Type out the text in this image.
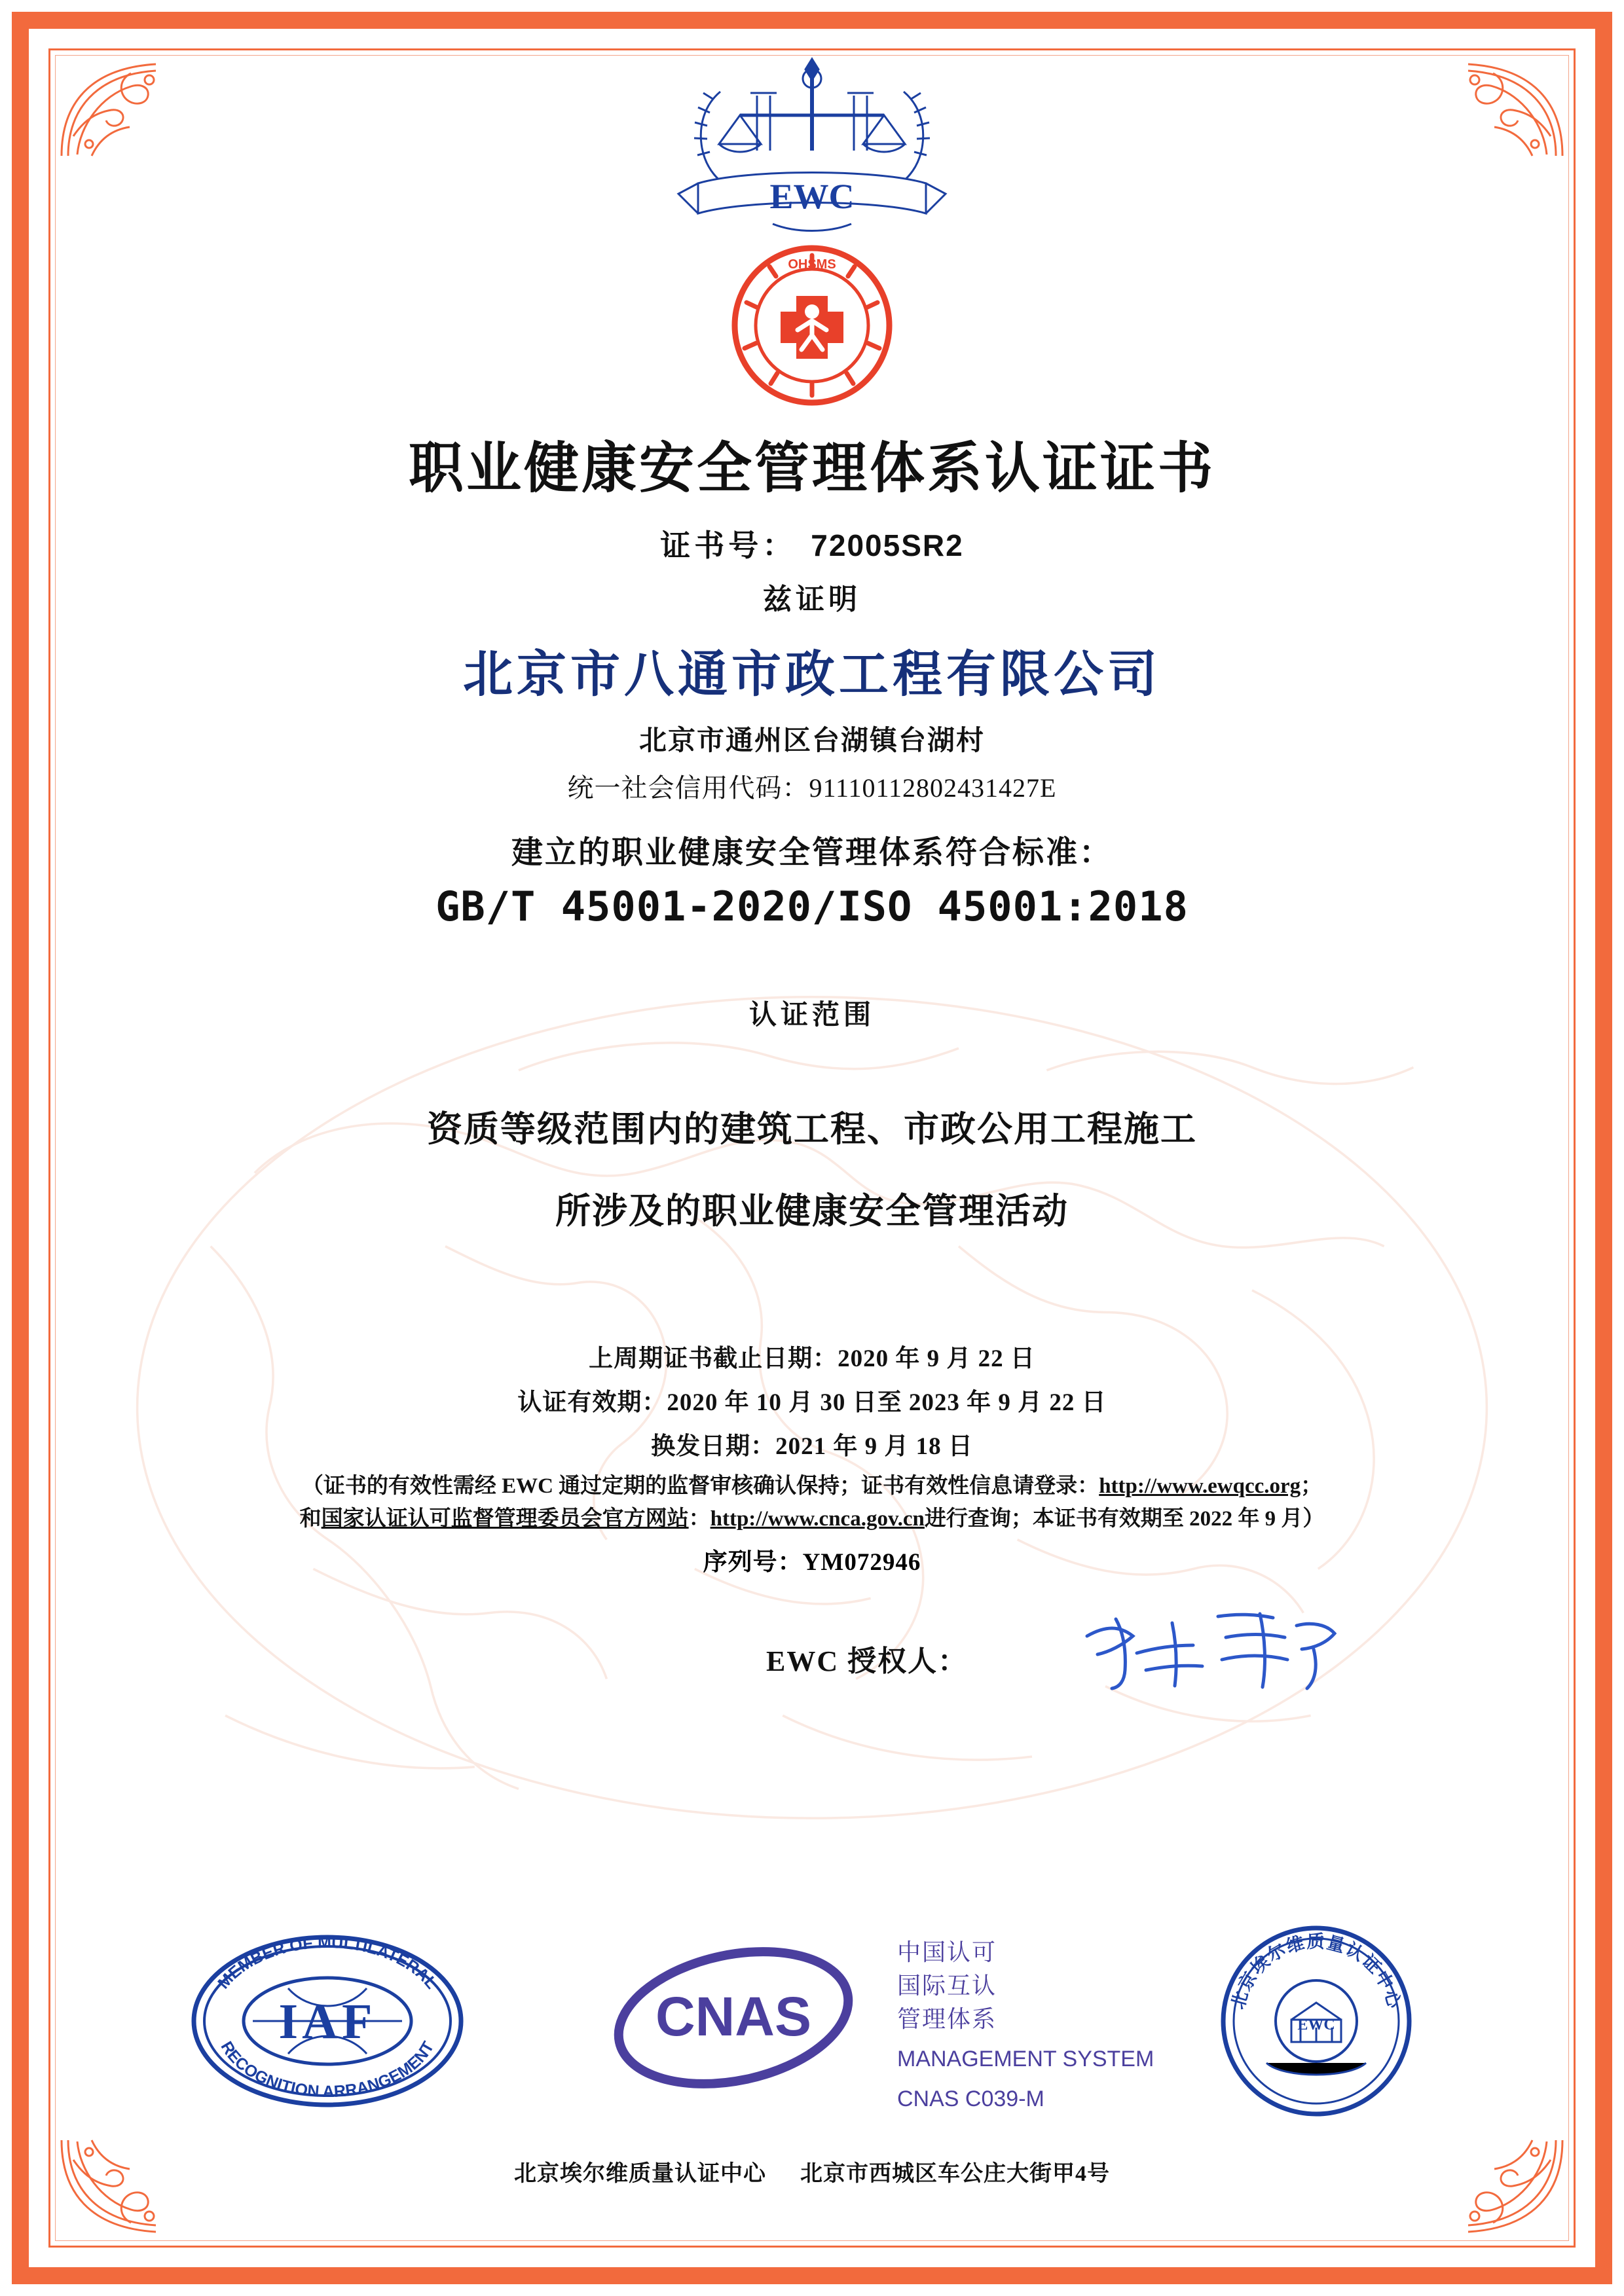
EWC
OHSMS
职业健康安全管理体系认证证书
证书号： 72005SR2
兹证明
北京市八通市政工程有限公司
北京市通州区台湖镇台湖村
统一社会信用代码：91110112802431427E
建立的职业健康安全管理体系符合标准：
GB/T 45001-2020/ISO 45001:2018
认证范围
资质等级范围内的建筑工程、市政公用工程施工
所涉及的职业健康安全管理活动
上周期证书截止日期：2020 年 9 月 22 日
认证有效期：2020 年 10 月 30 日至 2023 年 9 月 22 日
换发日期：2021 年 9 月 18 日
（证书的有效性需经 EWC 通过定期的监督审核确认保持；证书有效性信息请登录：http://www.ewqcc.org；
和国家认证认可监督管理委员会官方网站：http://www.cnca.gov.cn进行查询；本证书有效期至 2022 年 9 月）
序列号：YM072946
EWC 授权人：
IAF
MEMBER OF MULTILATERAL
RECOGNITION ARRANGEMENT
CNAS
中国认可
国际互认
管理体系
MANAGEMENT SYSTEM
CNAS C039-M
EWC
北京埃尔维质量认证中心
北京埃尔维质量认证中心 北京市西城区车公庄大街甲4号
